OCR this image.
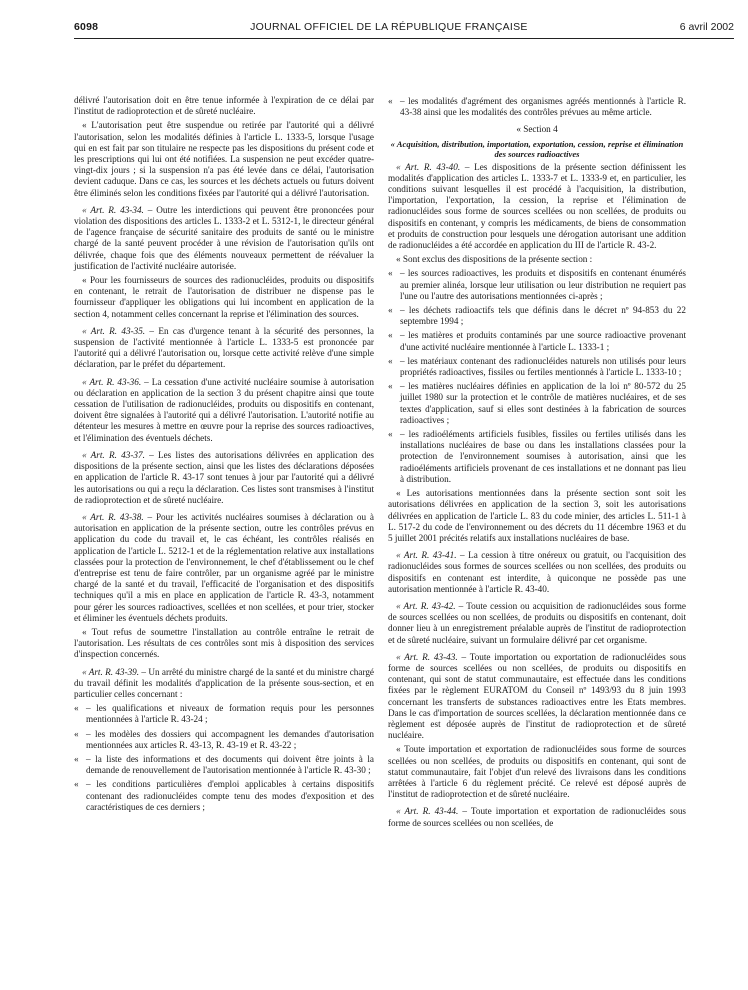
6098	JOURNAL OFFICIEL DE LA RÉPUBLIQUE FRANÇAISE	6 avril 2002

délivré l'autorisation doit en être tenue informée à l'expiration de ce délai par l'institut de radioprotection et de sûreté nucléaire.

« L'autorisation peut être suspendue ou retirée par l'autorité qui a délivré l'autorisation, selon les modalités définies à l'article L. 1333-5, lorsque l'usage qui en est fait par son titulaire ne respecte pas les dispositions du présent code et les prescriptions qui lui ont été notifiées. La suspension ne peut excéder quatre-vingt-dix jours ; si la suspension n'a pas été levée dans ce délai, l'autorisation devient caduque. Dans ce cas, les sources et les déchets actuels ou futurs doivent être éliminés selon les conditions fixées par l'autorité qui a délivré l'autorisation.

« Art. R. 43-34. – Outre les interdictions qui peuvent être prononcées pour violation des dispositions des articles L. 1333-2 et L. 5312-1, le directeur général de l'agence française de sécurité sanitaire des produits de santé ou le ministre chargé de la santé peuvent procéder à une révision de l'autorisation qu'ils ont délivrée, chaque fois que des éléments nouveaux permettent de réévaluer la justification de l'activité nucléaire autorisée.

« Pour les fournisseurs de sources des radionucléides, produits ou dispositifs en contenant, le retrait de l'autorisation de distribuer ne dispense pas le fournisseur d'appliquer les obligations qui lui incombent en application de la section 4, notamment celles concernant la reprise et l'élimination des sources.

« Art. R. 43-35. – En cas d'urgence tenant à la sécurité des personnes, la suspension de l'activité mentionnée à l'article L. 1333-5 est prononcée par l'autorité qui a délivré l'autorisation ou, lorsque cette activité relève d'une simple déclaration, par le préfet du département.

« Art. R. 43-36. – La cessation d'une activité nucléaire soumise à autorisation ou déclaration en application de la section 3 du présent chapitre ainsi que toute cessation de l'utilisation de radionucléides, produits ou dispositifs en contenant, doivent être signalées à l'autorité qui a délivré l'autorisation. L'autorité notifie au détenteur les mesures à mettre en œuvre pour la reprise des sources radioactives, et l'élimination des éventuels déchets.

« Art. R. 43-37. – Les listes des autorisations délivrées en application des dispositions de la présente section, ainsi que les listes des déclarations déposées en application de l'article R. 43-17 sont tenues à jour par l'autorité qui a délivré les autorisations ou qui a reçu la déclaration. Ces listes sont transmises à l'institut de radioprotection et de sûreté nucléaire.

« Art. R. 43-38. – Pour les activités nucléaires soumises à déclaration ou à autorisation en application de la présente section, outre les contrôles prévus en application du code du travail et, le cas échéant, les contrôles réalisés en application de l'article L. 5212-1 et de la réglementation relative aux installations classées pour la protection de l'environnement, le chef d'établissement ou le chef d'entreprise est tenu de faire contrôler, par un organisme agréé par le ministre chargé de la santé et du travail, l'efficacité de l'organisation et des dispositifs techniques qu'il a mis en place en application de l'article R. 43-3, notamment pour gérer les sources radioactives, scellées et non scellées, et pour trier, stocker et éliminer les éventuels déchets produits.

« Tout refus de soumettre l'installation au contrôle entraîne le retrait de l'autorisation. Les résultats de ces contrôles sont mis à disposition des services d'inspection concernés.

« Art. R. 43-39. – Un arrêté du ministre chargé de la santé et du ministre chargé du travail définit les modalités d'application de la présente sous-section, et en particulier celles concernant :

« – les qualifications et niveaux de formation requis pour les personnes mentionnées à l'article R. 43-24 ;

« – les modèles des dossiers qui accompagnent les demandes d'autorisation mentionnées aux articles R. 43-13, R. 43-19 et R. 43-22 ;

« – la liste des informations et des documents qui doivent être joints à la demande de renouvellement de l'autorisation mentionnée à l'article R. 43-30 ;

« – les conditions particulières d'emploi applicables à certains dispositifs contenant des radionucléides compte tenu des modes d'exposition et des caractéristiques de ces derniers ;

« – les modalités d'agrément des organismes agréés mentionnés à l'article R. 43-38 ainsi que les modalités des contrôles prévues au même article.

« Section 4

« Acquisition, distribution, importation, exportation, cession, reprise et élimination des sources radioactives

« Art. R. 43-40. – Les dispositions de la présente section définissent les modalités d'application des articles L. 1333-7 et L. 1333-9 et, en particulier, les conditions suivant lesquelles il est procédé à l'acquisition, la distribution, l'importation, l'exportation, la cession, la reprise et l'élimination de radionucléides sous forme de sources scellées ou non scellées, de produits ou dispositifs en contenant, y compris les médicaments, de biens de consommation et produits de construction pour lesquels une dérogation autorisant une addition de radionucléides a été accordée en application du III de l'article R. 43-2.

« Sont exclus des dispositions de la présente section :

« – les sources radioactives, les produits et dispositifs en contenant énumérés au premier alinéa, lorsque leur utilisation ou leur distribution ne requiert pas l'une ou l'autre des autorisations mentionnées ci-après ;

« – les déchets radioactifs tels que définis dans le décret nº 94-853 du 22 septembre 1994 ;

« – les matières et produits contaminés par une source radioactive provenant d'une activité nucléaire mentionnée à l'article L. 1333-1 ;

« – les matériaux contenant des radionucléides naturels non utilisés pour leurs propriétés radioactives, fissiles ou fertiles mentionnés à l'article L. 1333-10 ;

« – les matières nucléaires définies en application de la loi nº 80-572 du 25 juillet 1980 sur la protection et le contrôle de matières nucléaires, et de ses textes d'application, sauf si elles sont destinées à la fabrication de sources radioactives ;

« – les radioéléments artificiels fusibles, fissiles ou fertiles utilisés dans les installations nucléaires de base ou dans les installations classées pour la protection de l'environnement soumises à autorisation, ainsi que les radioéléments artificiels provenant de ces installations et ne donnant pas lieu à distribution.

« Les autorisations mentionnées dans la présente section sont soit les autorisations délivrées en application de la section 3, soit les autorisations délivrées en application de l'article L. 83 du code minier, des articles L. 511-1 à L. 517-2 du code de l'environnement ou des décrets du 11 décembre 1963 et du 5 juillet 2001 précités relatifs aux installations nucléaires de base.

« Art. R. 43-41. – La cession à titre onéreux ou gratuit, ou l'acquisition des radionucléides sous formes de sources scellées ou non scellées, des produits ou dispositifs en contenant est interdite, à quiconque ne possède pas une autorisation mentionnée à l'article R. 43-40.

« Art. R. 43-42. – Toute cession ou acquisition de radionucléides sous forme de sources scellées ou non scellées, de produits ou dispositifs en contenant, doit donner lieu à un enregistrement préalable auprès de l'institut de radioprotection et de sûreté nucléaire, suivant un formulaire délivré par cet organisme.

« Art. R. 43-43. – Toute importation ou exportation de radionucléides sous forme de sources scellées ou non scellées, de produits ou dispositifs en contenant, qui sont de statut communautaire, est effectuée dans les conditions fixées par le règlement EURATOM du Conseil nº 1493/93 du 8 juin 1993 concernant les transferts de substances radioactives entre les Etats membres. Dans le cas d'importation de sources scellées, la déclaration mentionnée dans ce règlement est déposée auprès de l'institut de radioprotection et de sûreté nucléaire.

« Toute importation et exportation de radionucléides sous forme de sources scellées ou non scellées, de produits ou dispositifs en contenant, qui sont de statut communautaire, fait l'objet d'un relevé des livraisons dans les conditions arrêtées à l'article 6 du règlement précité. Ce relevé est déposé auprès de l'institut de radioprotection et de sûreté nucléaire.

« Art. R. 43-44. – Toute importation et exportation de radionucléides sous forme de sources scellées ou non scellées, de
